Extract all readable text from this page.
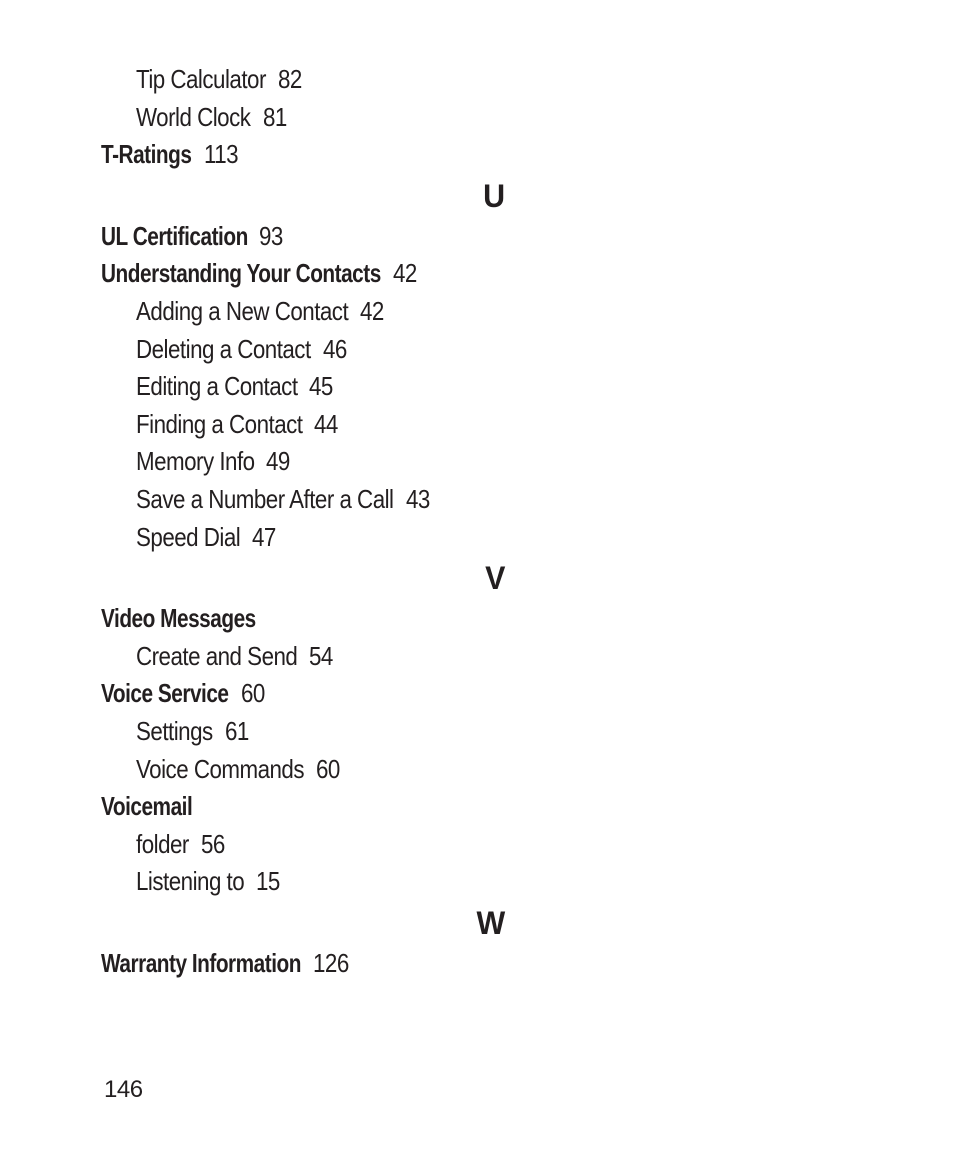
Tip Calculator 82
World Clock 81
T-Ratings 113
U
UL Certification 93
Understanding Your Contacts 42
Adding a New Contact 42
Deleting a Contact 46
Editing a Contact 45
Finding a Contact 44
Memory Info 49
Save a Number After a Call 43
Speed Dial 47
V
Video Messages
Create and Send 54
Voice Service 60
Settings 61
Voice Commands 60
Voicemail
folder 56
Listening to 15
W
Warranty Information 126
146
